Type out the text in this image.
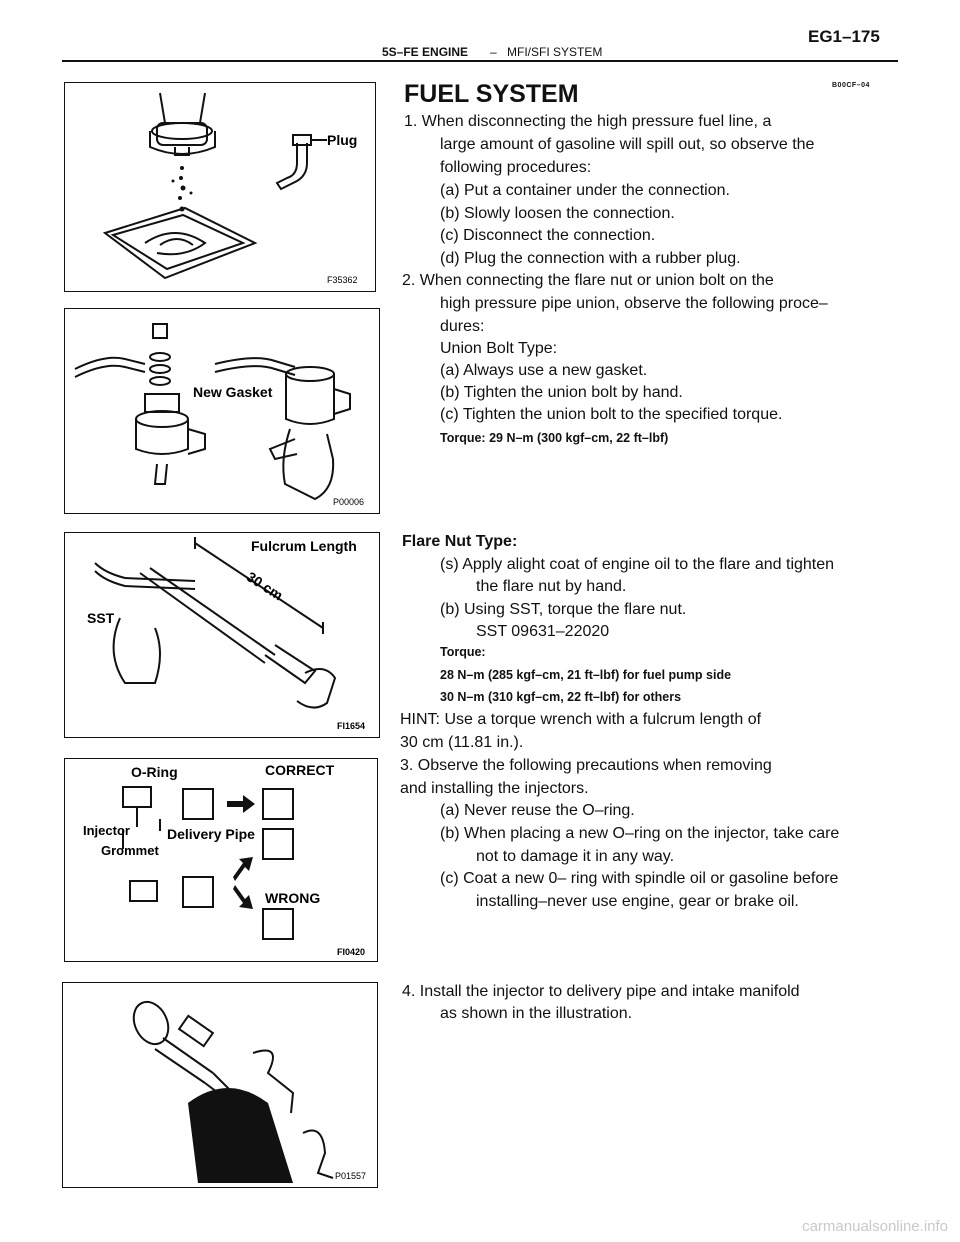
5S–FE ENGINE – MFI/SFI SYSTEM
EG1–175
B00CF–04
FUEL SYSTEM
Plug
F35362
New Gasket
P00006
Fulcrum Length
30 cm
SST
FI1654
O-Ring	CORRECT
Injector	Delivery Pipe
Grommet
WRONG
FI0420
P01557
1. When disconnecting the high pressure fuel line, a
large amount of gasoline will spill out, so observe the
following procedures:
(a) Put a container under the connection.
(b) Slowly loosen the connection.
(c) Disconnect the connection.
(d) Plug the connection with a rubber plug.
2. When connecting the flare nut or union bolt on the
high pressure pipe union, observe the following proce–
dures:
Union Bolt Type:
(a) Always use a new gasket.
(b) Tighten the union bolt by hand.
(c) Tighten the union bolt to the specified torque.
Torque: 29 N–m (300 kgf–cm, 22 ft–lbf)
Flare Nut Type:
(s) Apply alight coat of engine oil to the flare and tighten
the flare nut by hand.
(b) Using SST, torque the flare nut.
SST 09631–22020
Torque:
28 N–m (285 kgf–cm, 21 ft–lbf) for fuel pump side
30 N–m (310 kgf–cm, 22 ft–lbf) for others
HINT: Use a torque wrench with a fulcrum length of
30 cm (11.81 in.).
3. Observe the following precautions when removing
and installing the injectors.
(a) Never reuse the O–ring.
(b) When placing a new O–ring on the injector, take care
not to damage it in any way.
(c) Coat a new 0– ring with spindle oil or gasoline before
installing–never use engine, gear or brake oil.
4. Install the injector to delivery pipe and intake manifold
as shown in the illustration.
carmanualsonline.info
